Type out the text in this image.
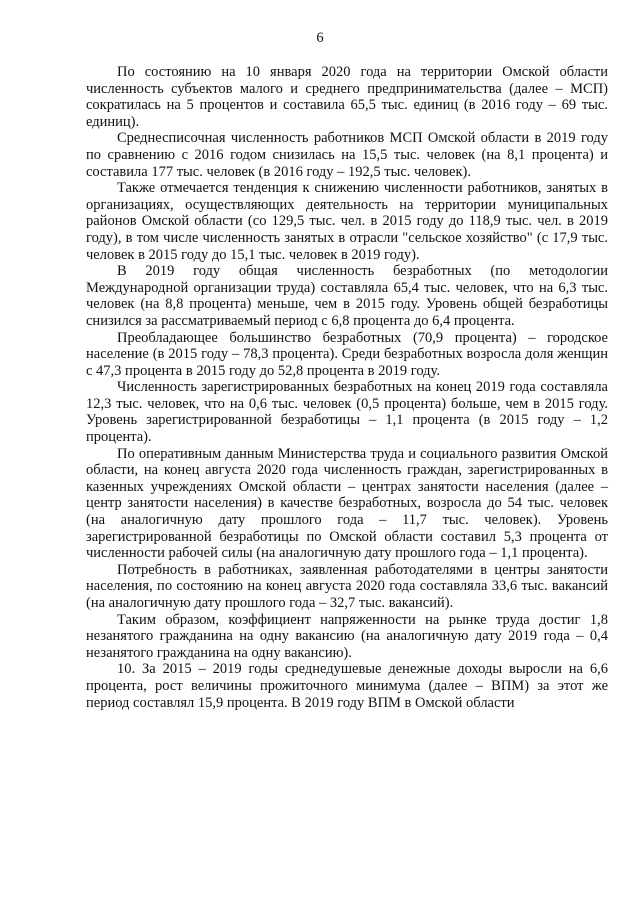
6

По состоянию на 10 января 2020 года на территории Омской области численность субъектов малого и среднего предпринимательства (далее – МСП) сократилась на 5 процентов и составила 65,5 тыс. единиц (в 2016 году – 69 тыс. единиц).

Среднесписочная численность работников МСП Омской области в 2019 году по сравнению с 2016 годом снизилась на 15,5 тыс. человек (на 8,1 процента) и составила 177 тыс. человек (в 2016 году – 192,5 тыс. человек).

Также отмечается тенденция к снижению численности работников, занятых в организациях, осуществляющих деятельность на территории муниципальных районов Омской области (со 129,5 тыс. чел. в 2015 году до 118,9 тыс. чел. в 2019 году), в том числе численность занятых в отрасли "сельское хозяйство" (с 17,9 тыс. человек в 2015 году до 15,1 тыс. человек в 2019 году).

В 2019 году общая численность безработных (по методологии Международной организации труда) составляла 65,4 тыс. человек, что на 6,3 тыс. человек (на 8,8 процента) меньше, чем в 2015 году. Уровень общей безработицы снизился за рассматриваемый период с 6,8 процента до 6,4 процента.

Преобладающее большинство безработных (70,9 процента) – городское население (в 2015 году – 78,3 процента). Среди безработных возросла доля женщин с 47,3 процента в 2015 году до 52,8 процента в 2019 году.

Численность зарегистрированных безработных на конец 2019 года составляла 12,3 тыс. человек, что на 0,6 тыс. человек (0,5 процента) больше, чем в 2015 году. Уровень зарегистрированной безработицы – 1,1 процента (в 2015 году – 1,2 процента).

По оперативным данным Министерства труда и социального развития Омской области, на конец августа 2020 года численность граждан, зарегистрированных в казенных учреждениях Омской области – центрах занятости населения (далее – центр занятости населения) в качестве безработных, возросла до 54 тыс. человек (на аналогичную дату прошлого года – 11,7 тыс. человек). Уровень зарегистрированной безработицы по Омской области составил 5,3 процента от численности рабочей силы (на аналогичную дату прошлого года – 1,1 процента).

Потребность в работниках, заявленная работодателями в центры занятости населения, по состоянию на конец августа 2020 года составляла 33,6 тыс. вакансий (на аналогичную дату прошлого года – 32,7 тыс. вакансий).

Таким образом, коэффициент напряженности на рынке труда достиг 1,8 незанятого гражданина на одну вакансию (на аналогичную дату 2019 года – 0,4 незанятого гражданина на одну вакансию).

10. За 2015 – 2019 годы среднедушевые денежные доходы выросли на 6,6 процента, рост величины прожиточного минимума (далее – ВПМ) за этот же период составлял 15,9 процента. В 2019 году ВПМ в Омской области
